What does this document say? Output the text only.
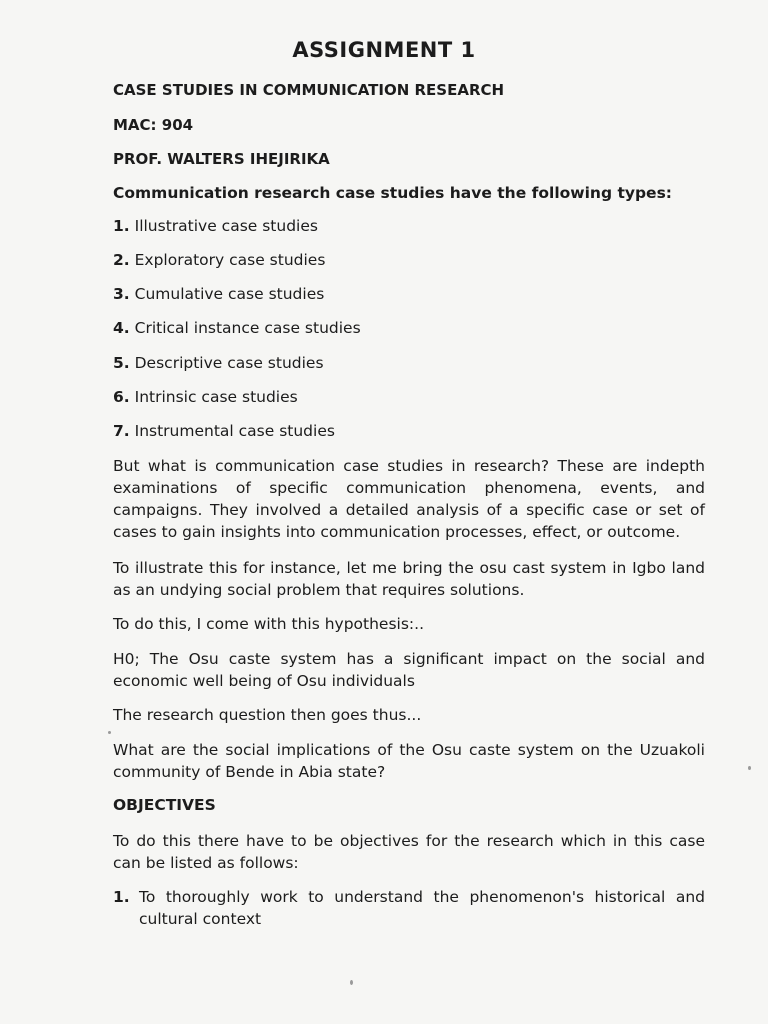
ASSIGNMENT 1

CASE STUDIES IN COMMUNICATION RESEARCH

MAC: 904

PROF. WALTERS IHEJIRIKA

Communication research case studies have the following types:

1. Illustrative case studies

2. Exploratory case studies

3. Cumulative case studies

4. Critical instance case studies

5. Descriptive case studies

6. Intrinsic case studies

7. Instrumental case studies

But what is communication case studies in research? These are indepth examinations of specific communication phenomena, events, and campaigns. They involved a detailed analysis of a specific case or set of cases to gain insights into communication processes, effect, or outcome.

To illustrate this for instance, let me bring the osu cast system in Igbo land as an undying social problem that requires solutions.

To do this, I come with this hypothesis:..

H0; The Osu caste system has a significant impact on the social and economic well being of Osu individuals

The research question then goes thus...

What are the social implications of the Osu caste system on the Uzuakoli community of Bende in Abia state?

OBJECTIVES

To do this there have to be objectives for the research which in this case can be listed as follows:

1. To thoroughly work to understand the phenomenon's historical and cultural context
